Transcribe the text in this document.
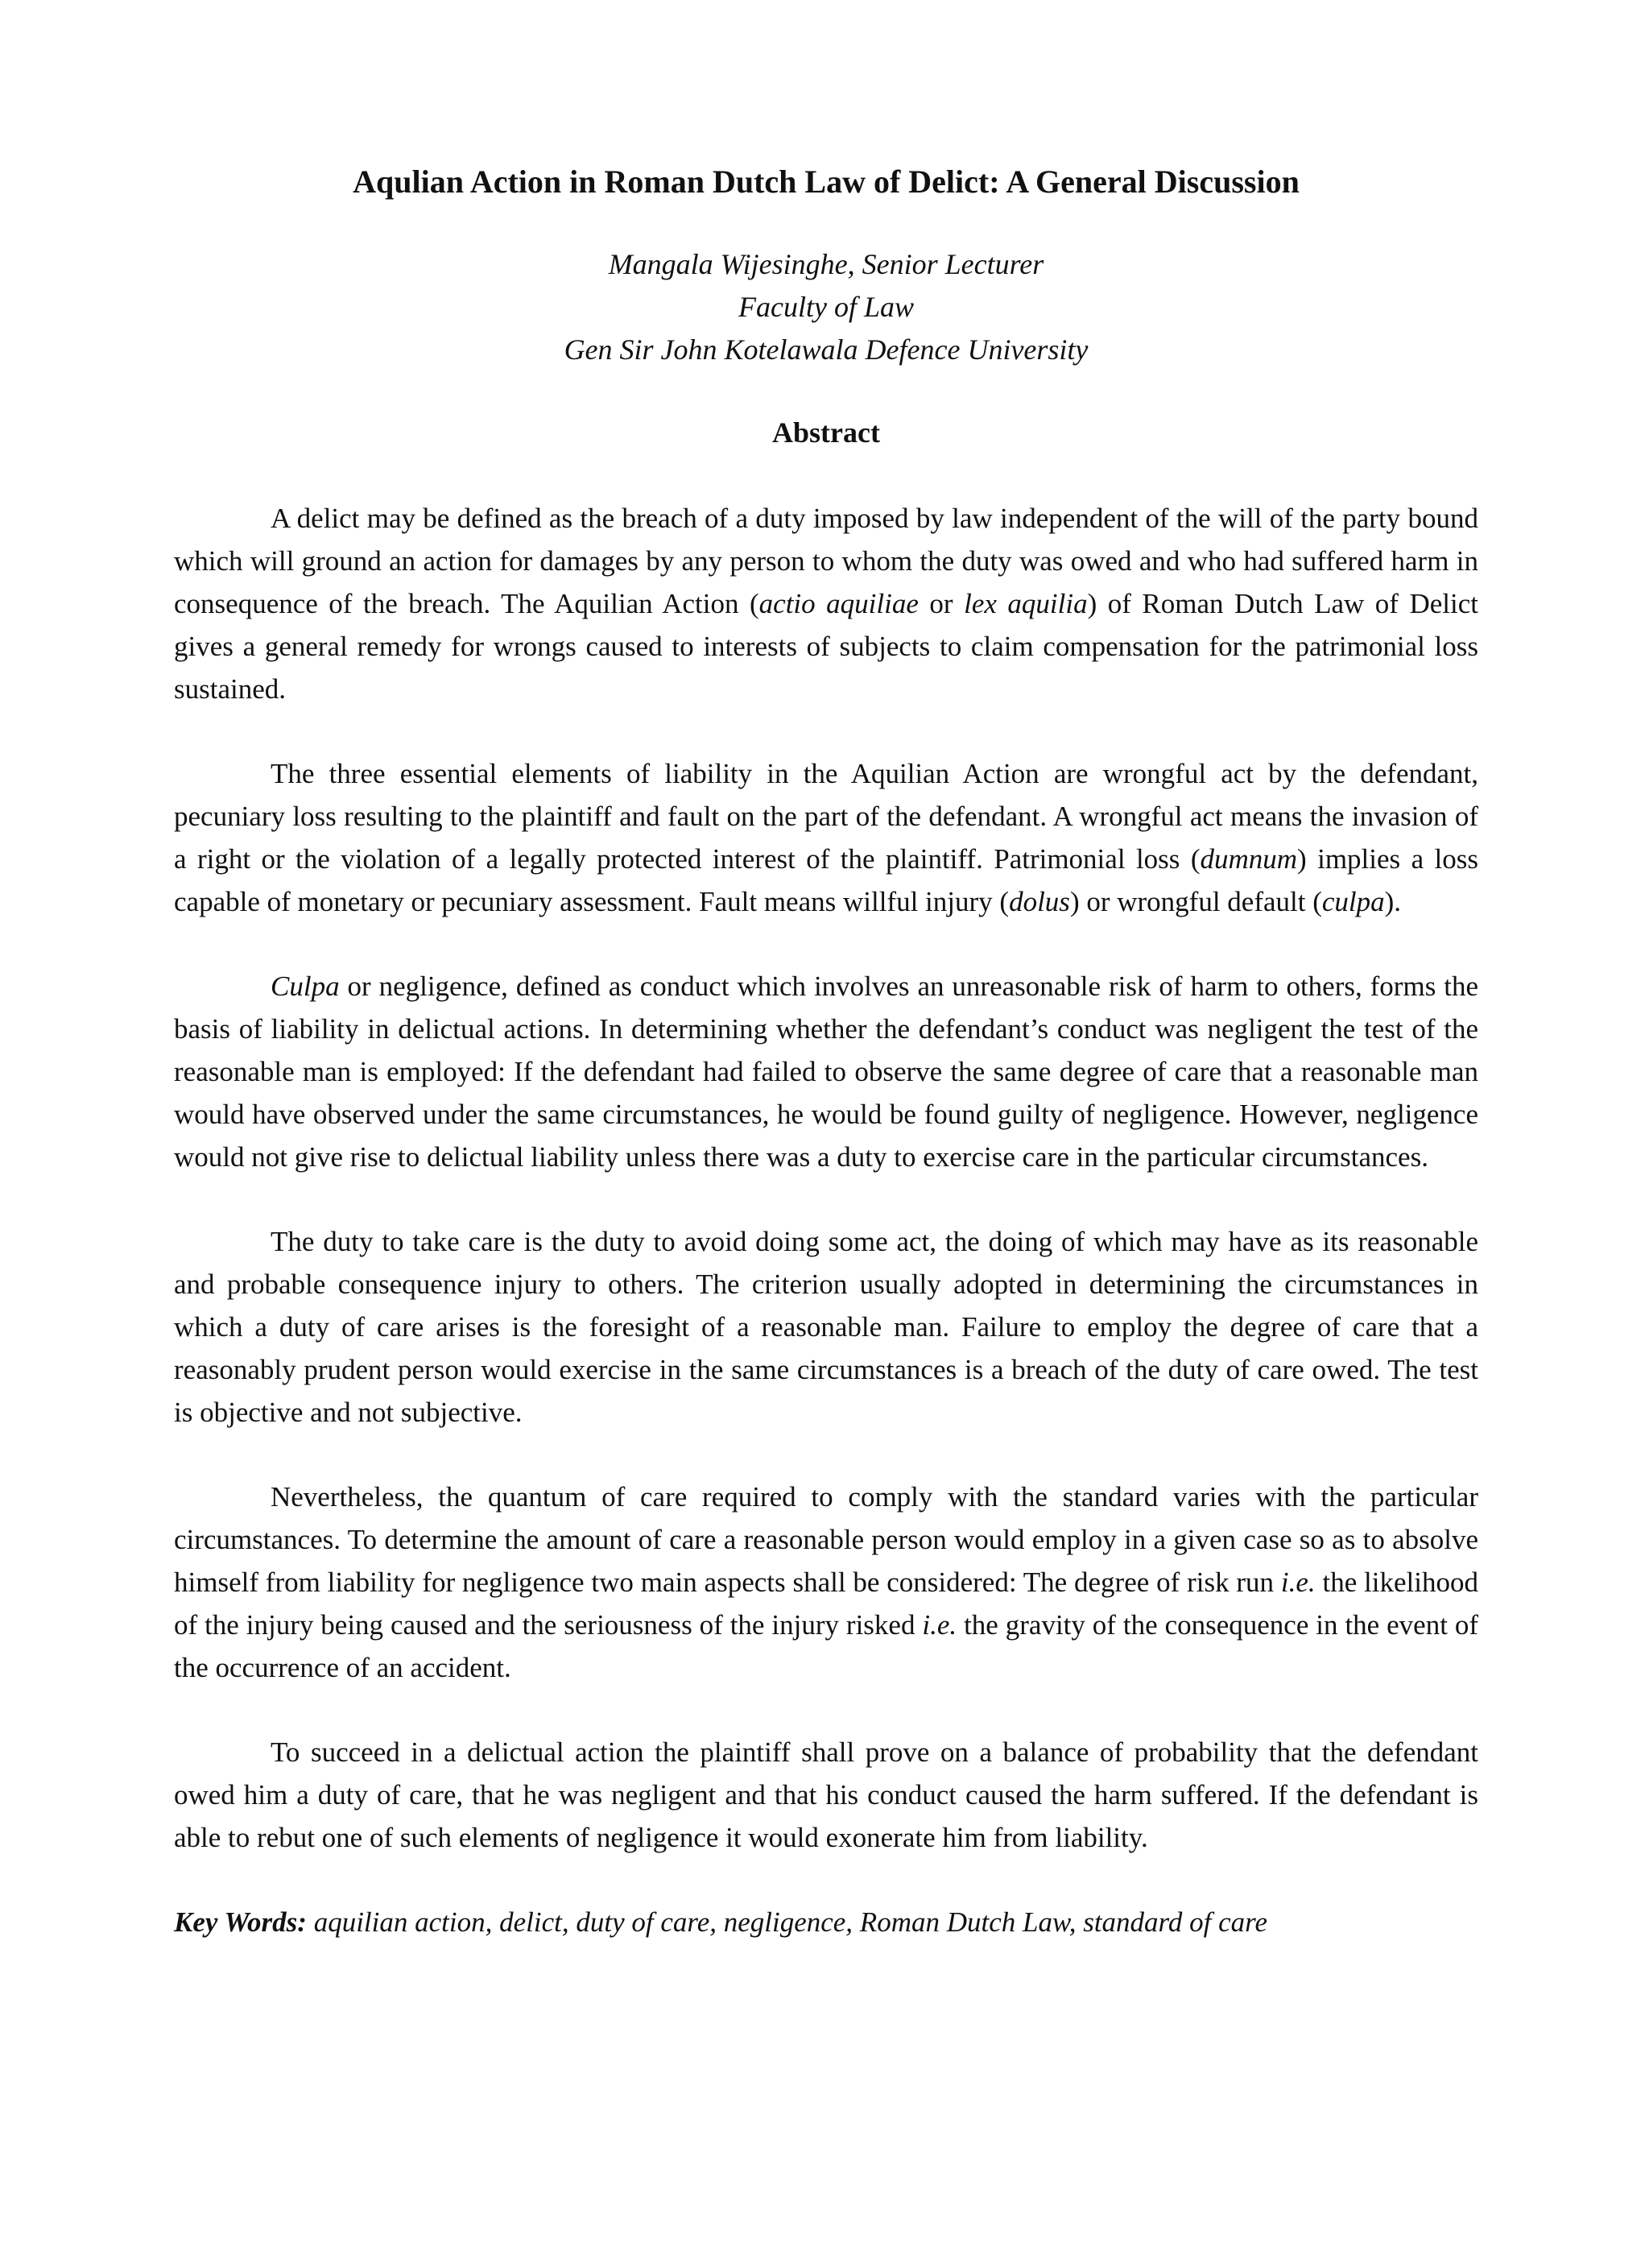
Aqulian Action in Roman Dutch Law of Delict: A General Discussion
Mangala Wijesinghe, Senior Lecturer
Faculty of Law
Gen Sir John Kotelawala Defence University
Abstract

A delict may be defined as the breach of a duty imposed by law independent of the will of the party bound which will ground an action for damages by any person to whom the duty was owed and who had suffered harm in consequence of the breach. The Aquilian Action (actio aquiliae or lex aquilia) of Roman Dutch Law of Delict gives a general remedy for wrongs caused to interests of subjects to claim compensation for the patrimonial loss sustained.

The three essential elements of liability in the Aquilian Action are wrongful act by the defendant, pecuniary loss resulting to the plaintiff and fault on the part of the defendant. A wrongful act means the invasion of a right or the violation of a legally protected interest of the plaintiff. Patrimonial loss (dumnum) implies a loss capable of monetary or pecuniary assessment. Fault means willful injury (dolus) or wrongful default (culpa).

Culpa or negligence, defined as conduct which involves an unreasonable risk of harm to others, forms the basis of liability in delictual actions. In determining whether the defendant’s conduct was negligent the test of the reasonable man is employed: If the defendant had failed to observe the same degree of care that a reasonable man would have observed under the same circumstances, he would be found guilty of negligence. However, negligence would not give rise to delictual liability unless there was a duty to exercise care in the particular circumstances.

The duty to take care is the duty to avoid doing some act, the doing of which may have as its reasonable and probable consequence injury to others. The criterion usually adopted in determining the circumstances in which a duty of care arises is the foresight of a reasonable man. Failure to employ the degree of care that a reasonably prudent person would exercise in the same circumstances is a breach of the duty of care owed. The test is objective and not subjective.

Nevertheless, the quantum of care required to comply with the standard varies with the particular circumstances. To determine the amount of care a reasonable person would employ in a given case so as to absolve himself from liability for negligence two main aspects shall be considered: The degree of risk run i.e. the likelihood of the injury being caused and the seriousness of the injury risked i.e. the gravity of the consequence in the event of the occurrence of an accident.

To succeed in a delictual action the plaintiff shall prove on a balance of probability that the defendant owed him a duty of care, that he was negligent and that his conduct caused the harm suffered. If the defendant is able to rebut one of such elements of negligence it would exonerate him from liability.

Key Words: aquilian action, delict, duty of care, negligence, Roman Dutch Law, standard of care
